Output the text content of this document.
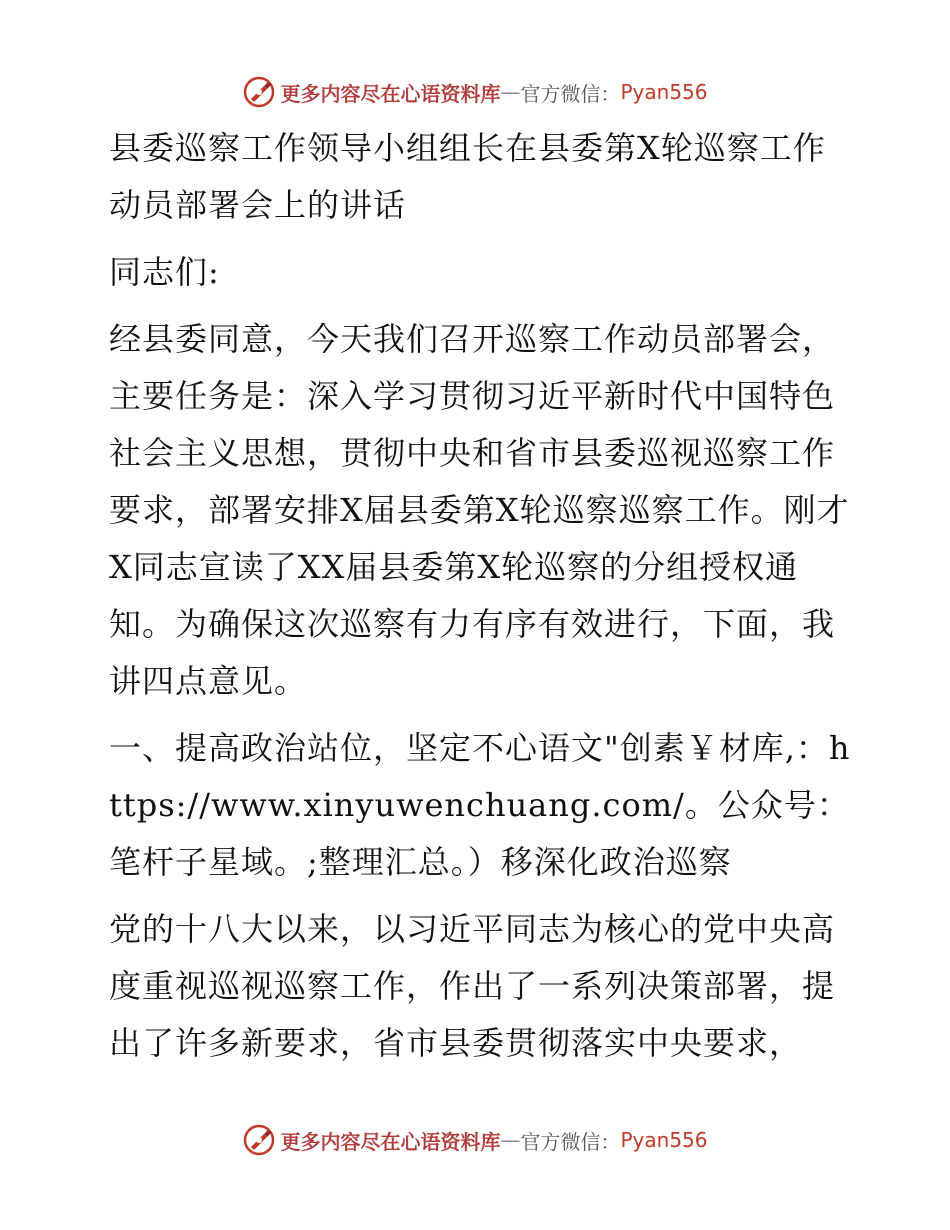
更多内容尽在心语资料库 — 官方微信： Pyan556

县委巡察工作领导小组组长在县委第X轮巡察工作动员部署会上的讲话

同志们:

经县委同意，今天我们召开巡察工作动员部署会，主要任务是：深入学习贯彻习近平新时代中国特色社会主义思想，贯彻中央和省市县委巡视巡察工作要求，部署安排X届县委第X轮巡察巡察工作。刚才X同志宣读了XX届县委第X轮巡察的分组授权通知。为确保这次巡察有力有序有效进行，下面，我讲四点意见。

一、提高政治站位，坚定不心语文"创素￥材库,：https://www.xinyuwenchuang.com/。公众号：笔杆子星域。;整理汇总。）移深化政治巡察

党的十八大以来，以习近平同志为核心的党中央高度重视巡视巡察工作，作出了一系列决策部署，提出了许多新要求，省市县委贯彻落实中央要求，

更多内容尽在心语资料库 — 官方微信： Pyan556
